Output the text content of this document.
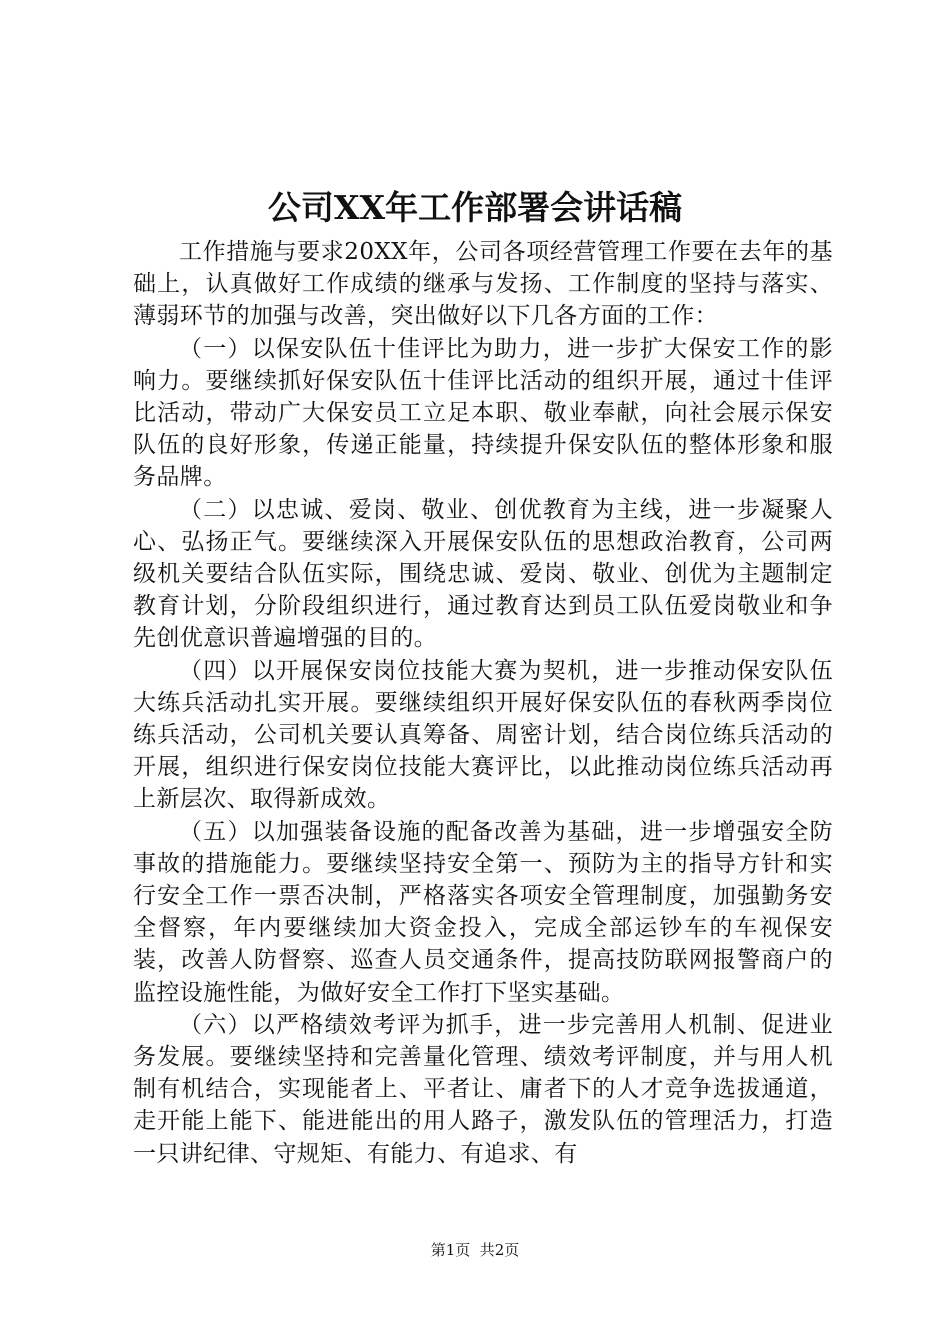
公司XX年工作部署会讲话稿

工作措施与要求20XX年，公司各项经营管理工作要在去年的基础上，认真做好工作成绩的继承与发扬、工作制度的坚持与落实、薄弱环节的加强与改善，突出做好以下几各方面的工作：

（一）以保安队伍十佳评比为助力，进一步扩大保安工作的影响力。要继续抓好保安队伍十佳评比活动的组织开展，通过十佳评比活动，带动广大保安员工立足本职、敬业奉献，向社会展示保安队伍的良好形象，传递正能量，持续提升保安队伍的整体形象和服务品牌。

（二）以忠诚、爱岗、敬业、创优教育为主线，进一步凝聚人心、弘扬正气。要继续深入开展保安队伍的思想政治教育，公司两级机关要结合队伍实际，围绕忠诚、爱岗、敬业、创优为主题制定教育计划，分阶段组织进行，通过教育达到员工队伍爱岗敬业和争先创优意识普遍增强的目的。

（四）以开展保安岗位技能大赛为契机，进一步推动保安队伍大练兵活动扎实开展。要继续组织开展好保安队伍的春秋两季岗位练兵活动，公司机关要认真筹备、周密计划，结合岗位练兵活动的开展，组织进行保安岗位技能大赛评比，以此推动岗位练兵活动再上新层次、取得新成效。

（五）以加强装备设施的配备改善为基础，进一步增强安全防事故的措施能力。要继续坚持安全第一、预防为主的指导方针和实行安全工作一票否决制，严格落实各项安全管理制度，加强勤务安全督察，年内要继续加大资金投入，完成全部运钞车的车视保安装，改善人防督察、巡查人员交通条件，提高技防联网报警商户的监控设施性能，为做好安全工作打下坚实基础。

（六）以严格绩效考评为抓手，进一步完善用人机制、促进业务发展。要继续坚持和完善量化管理、绩效考评制度，并与用人机制有机结合，实现能者上、平者让、庸者下的人才竞争选拔通道，走开能上能下、能进能出的用人路子，激发队伍的管理活力，打造一只讲纪律、守规矩、有能力、有追求、有

第1页  共2页
